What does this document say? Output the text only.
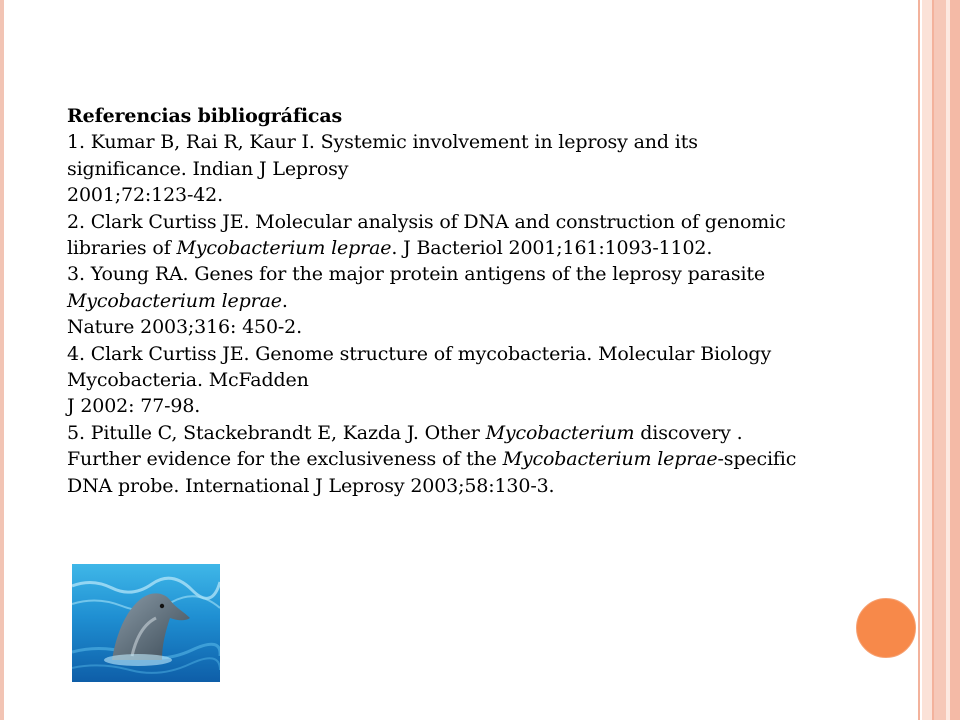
Referencias bibliográficas
1. Kumar B, Rai R, Kaur I. Systemic involvement in leprosy and its
significance. Indian J Leprosy
2001;72:123-42.
2. Clark Curtiss JE. Molecular analysis of DNA and construction of genomic
libraries of Mycobacterium leprae. J Bacteriol 2001;161:1093-1102.
3. Young RA. Genes for the major protein antigens of the leprosy parasite
Mycobacterium leprae.
Nature 2003;316: 450-2.
4. Clark Curtiss JE. Genome structure of mycobacteria. Molecular Biology
Mycobacteria. McFadden
J 2002: 77-98.
5. Pitulle C, Stackebrandt E, Kazda J. Other Mycobacterium discovery .
Further evidence for the exclusiveness of the Mycobacterium leprae-specific
DNA probe. International J Leprosy 2003;58:130-3.
